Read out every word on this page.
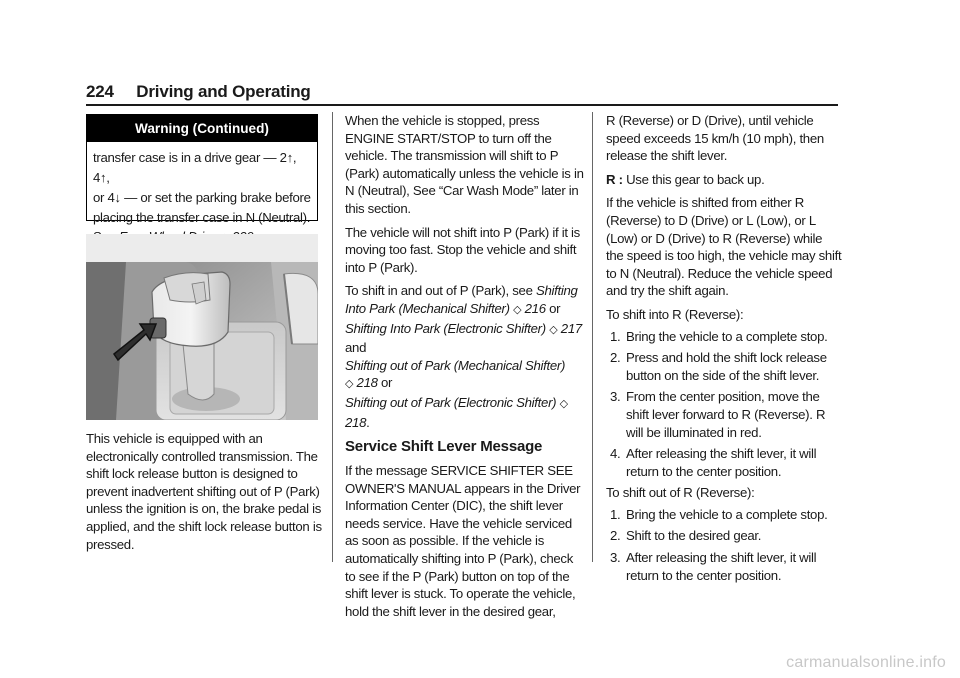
224 Driving and Operating
Warning (Continued)
transfer case is in a drive gear — 2↑, 4↑,
or 4↓ — or set the parking brake before
placing the transfer case in N (Neutral).

This vehicle is equipped with an electronically controlled transmission. The shift lock release button is designed to prevent inadvertent shifting out of P (Park) unless the ignition is on, the brake pedal is applied, and the shift lock release button is pressed.

When the vehicle is stopped, press ENGINE START/STOP to turn off the vehicle. The transmission will shift to P (Park) automatically unless the vehicle is in N (Neutral), See “Car Wash Mode” later in this section.

The vehicle will not shift into P (Park) if it is moving too fast. Stop the vehicle and shift into P (Park).

To shift in and out of P (Park), see Shifting Into Park (Mechanical Shifter) ◇ 216 or
Shifting Into Park (Electronic Shifter) ◇ 217
and
Shifting out of Park (Mechanical Shifter)
◇ 218 or
Shifting out of Park (Electronic Shifter) ◇ 218.

Service Shift Lever Message

If the message SERVICE SHIFTER SEE OWNER'S MANUAL appears in the Driver Information Center (DIC), the shift lever needs service. Have the vehicle serviced as soon as possible. If the vehicle is automatically shifting into P (Park), check to see if the P (Park) button on top of the shift lever is stuck. To operate the vehicle, hold the shift lever in the desired gear,

R (Reverse) or D (Drive), until vehicle speed exceeds 15 km/h (10 mph), then release the shift lever.

R : Use this gear to back up.

If the vehicle is shifted from either R (Reverse) to D (Drive) or L (Low), or L (Low) or D (Drive) to R (Reverse) while the speed is too high, the vehicle may shift to N (Neutral). Reduce the vehicle speed and try the shift again.

To shift into R (Reverse):

1. Bring the vehicle to a complete stop.
2. Press and hold the shift lock release button on the side of the shift lever.
3. From the center position, move the shift lever forward to R (Reverse). R will be illuminated in red.
4. After releasing the shift lever, it will return to the center position.

To shift out of R (Reverse):

1. Bring the vehicle to a complete stop.
2. Shift to the desired gear.
3. After releasing the shift lever, it will return to the center position.
carmanualsonline.info
